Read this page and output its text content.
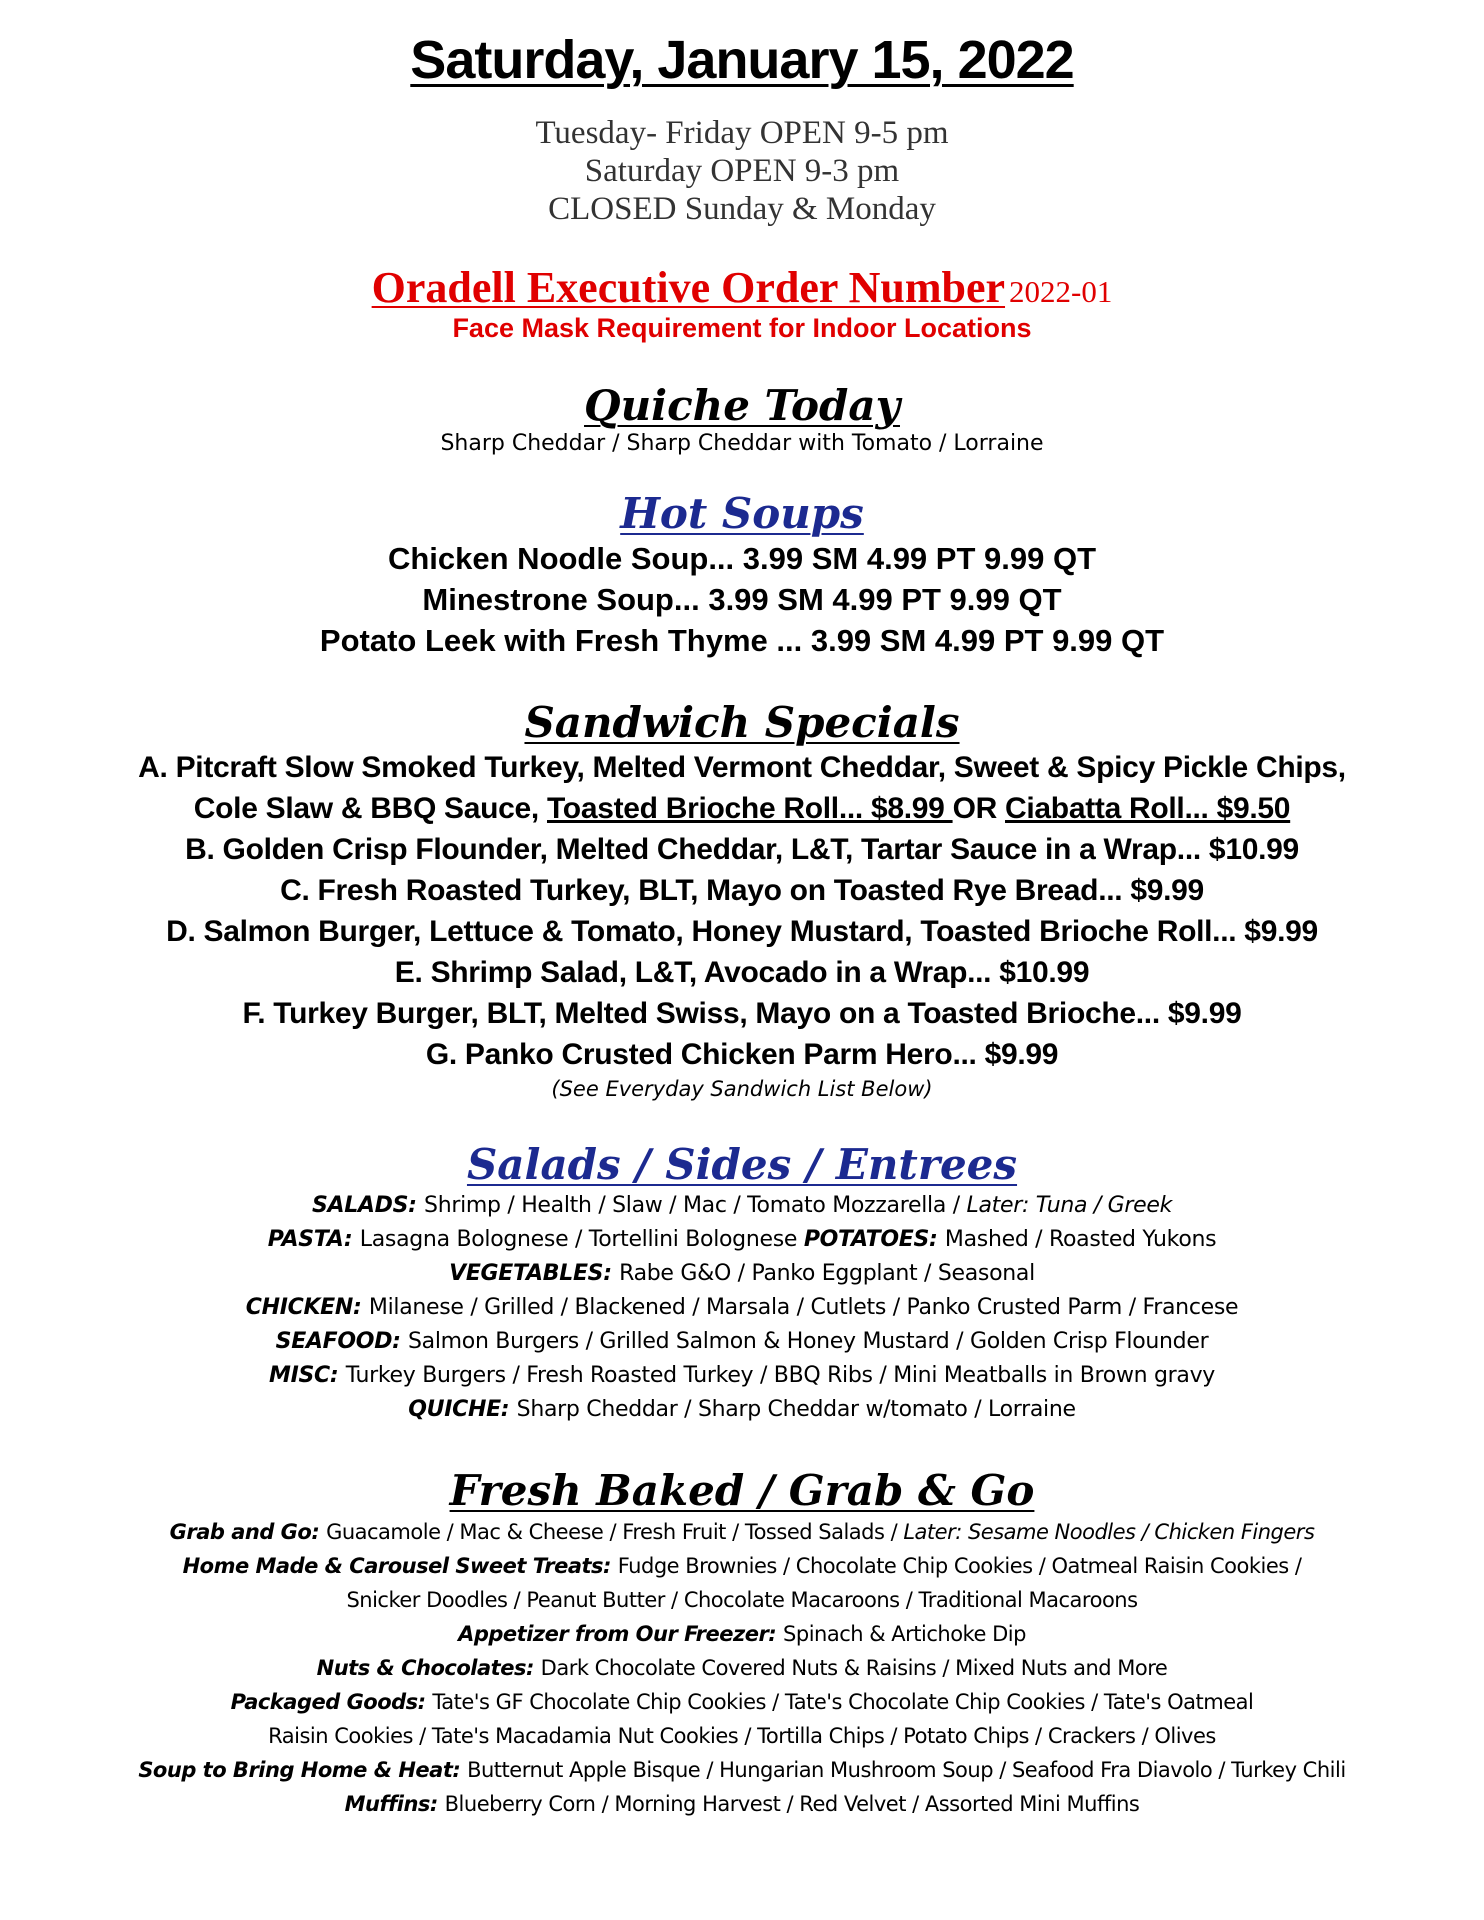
Saturday, January 15, 2022
Tuesday- Friday OPEN 9-5 pm
Saturday OPEN 9-3 pm
CLOSED Sunday & Monday
Oradell Executive Order Number 2022-01
Face Mask Requirement for Indoor Locations
Quiche Today
Sharp Cheddar / Sharp Cheddar with Tomato / Lorraine
Hot Soups
Chicken Noodle Soup... 3.99 SM 4.99 PT 9.99 QT
Minestrone Soup... 3.99 SM 4.99 PT 9.99 QT
Potato Leek with Fresh Thyme ... 3.99 SM 4.99 PT 9.99 QT
Sandwich Specials
A. Pitcraft Slow Smoked Turkey, Melted Vermont Cheddar, Sweet & Spicy Pickle Chips,
Cole Slaw & BBQ Sauce, Toasted Brioche Roll... $8.99 OR Ciabatta Roll... $9.50
B. Golden Crisp Flounder, Melted Cheddar, L&T, Tartar Sauce in a Wrap... $10.99
C. Fresh Roasted Turkey, BLT, Mayo on Toasted Rye Bread... $9.99
D. Salmon Burger, Lettuce & Tomato, Honey Mustard, Toasted Brioche Roll... $9.99
E. Shrimp Salad, L&T, Avocado in a Wrap... $10.99
F. Turkey Burger, BLT, Melted Swiss, Mayo on a Toasted Brioche... $9.99
G. Panko Crusted Chicken Parm Hero... $9.99
(See Everyday Sandwich List Below)
Salads / Sides / Entrees
SALADS: Shrimp / Health / Slaw / Mac / Tomato Mozzarella / Later: Tuna / Greek
PASTA: Lasagna Bolognese / Tortellini Bolognese POTATOES: Mashed / Roasted Yukons
VEGETABLES: Rabe G&O / Panko Eggplant / Seasonal
CHICKEN: Milanese / Grilled / Blackened / Marsala / Cutlets / Panko Crusted Parm / Francese
SEAFOOD: Salmon Burgers / Grilled Salmon & Honey Mustard / Golden Crisp Flounder
MISC: Turkey Burgers / Fresh Roasted Turkey / BBQ Ribs / Mini Meatballs in Brown gravy
QUICHE: Sharp Cheddar / Sharp Cheddar w/tomato / Lorraine
Fresh Baked / Grab & Go
Grab and Go: Guacamole / Mac & Cheese / Fresh Fruit / Tossed Salads / Later: Sesame Noodles / Chicken Fingers
Home Made & Carousel Sweet Treats: Fudge Brownies / Chocolate Chip Cookies / Oatmeal Raisin Cookies /
Snicker Doodles / Peanut Butter / Chocolate Macaroons / Traditional Macaroons
Appetizer from Our Freezer: Spinach & Artichoke Dip
Nuts & Chocolates: Dark Chocolate Covered Nuts & Raisins / Mixed Nuts and More
Packaged Goods: Tate's GF Chocolate Chip Cookies / Tate's Chocolate Chip Cookies / Tate's Oatmeal
Raisin Cookies / Tate's Macadamia Nut Cookies / Tortilla Chips / Potato Chips / Crackers / Olives
Soup to Bring Home & Heat: Butternut Apple Bisque / Hungarian Mushroom Soup / Seafood Fra Diavolo / Turkey Chili
Muffins: Blueberry Corn / Morning Harvest / Red Velvet / Assorted Mini Muffins
